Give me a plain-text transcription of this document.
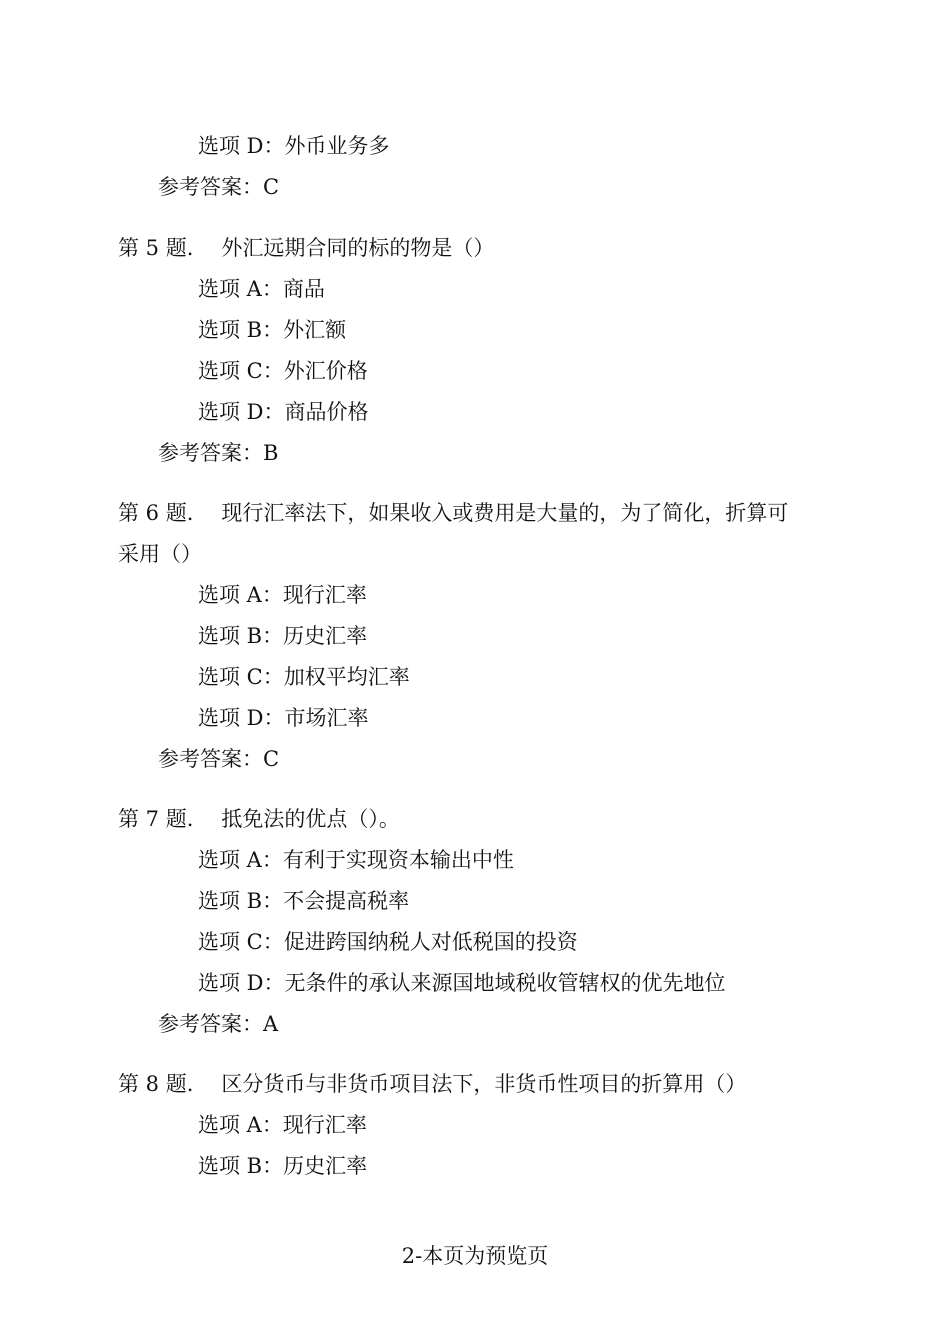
选项 D：外币业务多
参考答案：C
第 5 题. 外汇远期合同的标的物是（）
选项 A：商品
选项 B：外汇额
选项 C：外汇价格
选项 D：商品价格
参考答案：B
第 6 题. 现行汇率法下，如果收入或费用是大量的，为了简化，折算可
采用（）
选项 A：现行汇率
选项 B：历史汇率
选项 C：加权平均汇率
选项 D：市场汇率
参考答案：C
第 7 题. 抵免法的优点（）。
选项 A：有利于实现资本输出中性
选项 B：不会提高税率
选项 C：促进跨国纳税人对低税国的投资
选项 D：无条件的承认来源国地域税收管辖权的优先地位
参考答案：A
第 8 题. 区分货币与非货币项目法下，非货币性项目的折算用（）
选项 A：现行汇率
选项 B：历史汇率
2-本页为预览页
